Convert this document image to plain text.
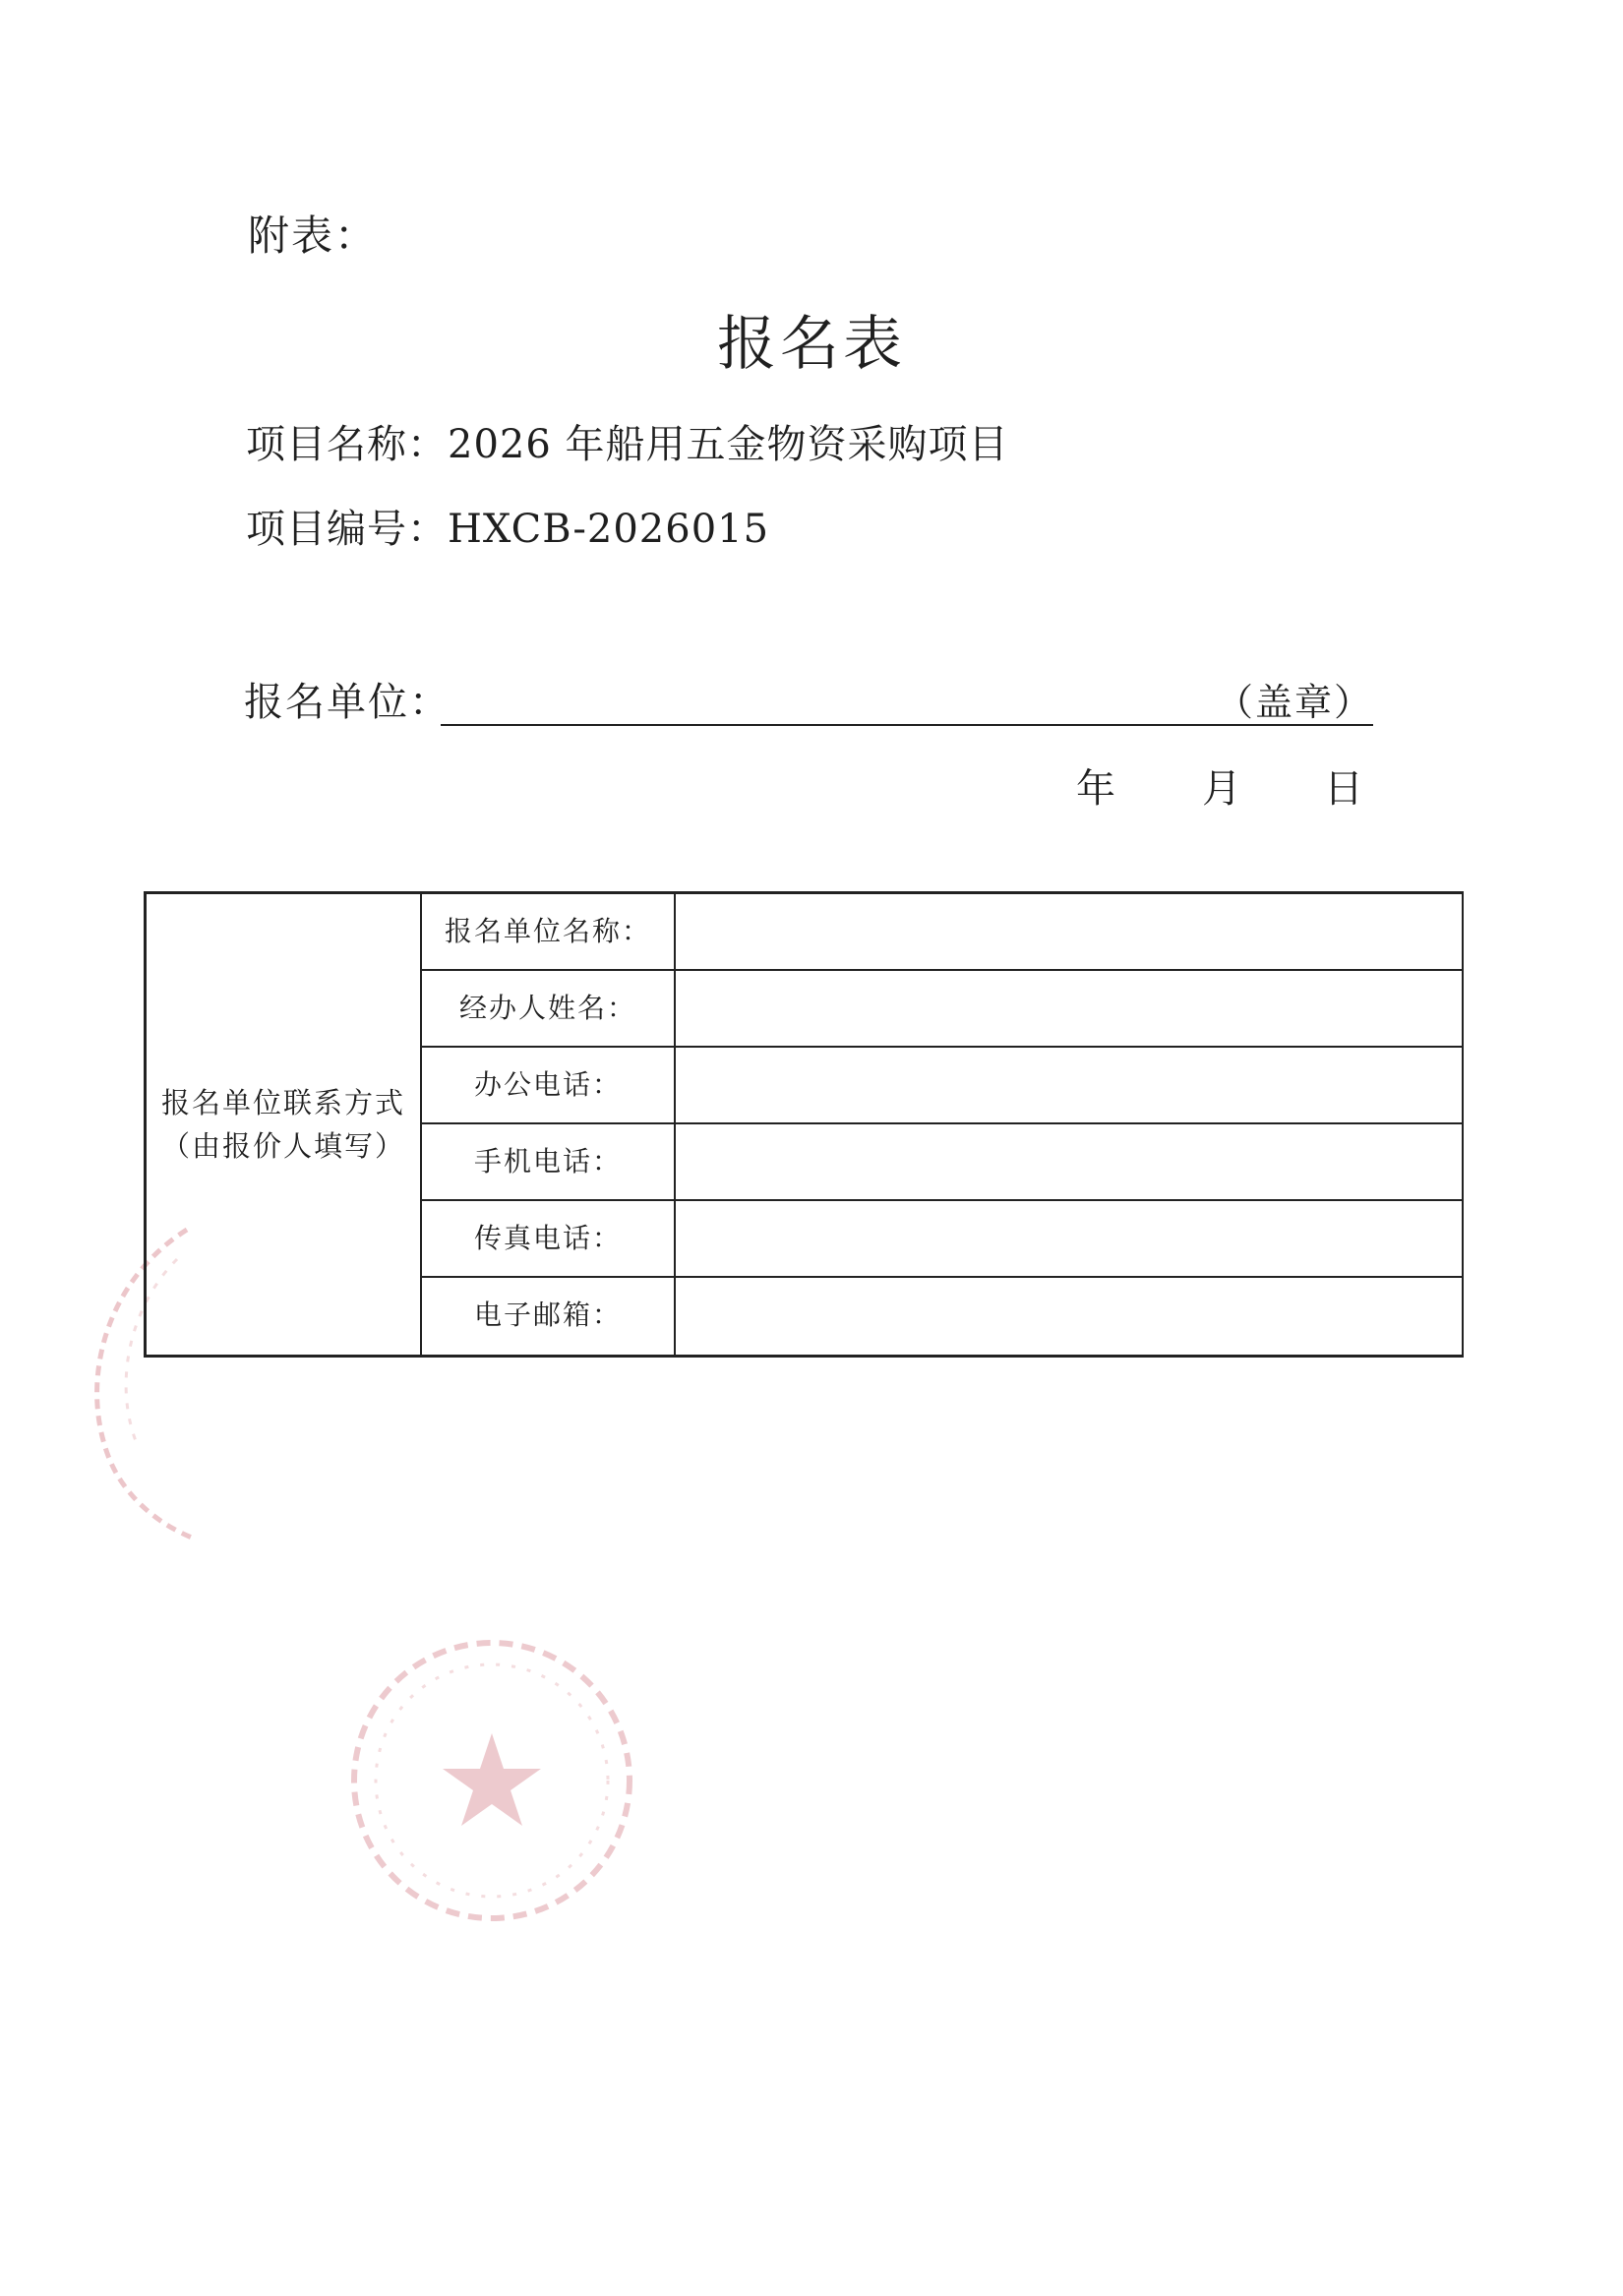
附表：
报名表
项目名称：2026 年船用五金物资采购项目
项目编号：HXCB-2026015
报名单位：	（盖章）
年 月 日
报名单位联系方式
（由报价人填写）
报名单位名称：
经办人姓名：
办公电话：
手机电话：
传真电话：
电子邮箱：
